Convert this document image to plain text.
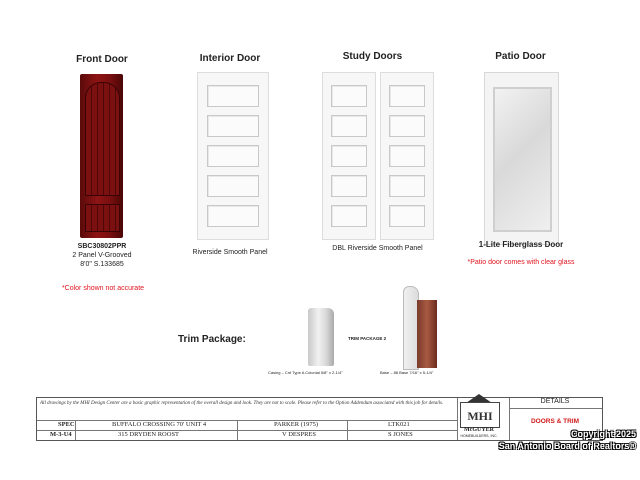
Front Door	Interior Door	Study Doors	Patio Door
SBC30802PPR
2 Panel V-Grooved
8'0" S.133685
*Color shown not accurate
Riverside Smooth Panel
DBL Riverside Smooth Panel	1-Lite Fiberglass Door
*Patio door comes with clear glass
Trim Package:	TRIM PACKAGE 2
Casing – Cnt Type A Colonial 5/8" x 2-1/4"	Base – 88 Base 7/16" x 5-1/4"
All drawings by the MHI Design Center are a basic graphic representation of the overall design and look. They are not to scale. Please refer to the Option Addendum associated with this job for details.
SPEC	BUFFALO CROSSING 70' UNIT 4	PARKER (1975)	LTK021
M-3-U4	315 DRYDEN ROOST	V DESPRES	S JONES
MHI
McGUYER
HOMEBUILDERS, INC.
DETAILS
DOORS & TRIM
Copyright 2025
San Antonio Board of Realtors®
